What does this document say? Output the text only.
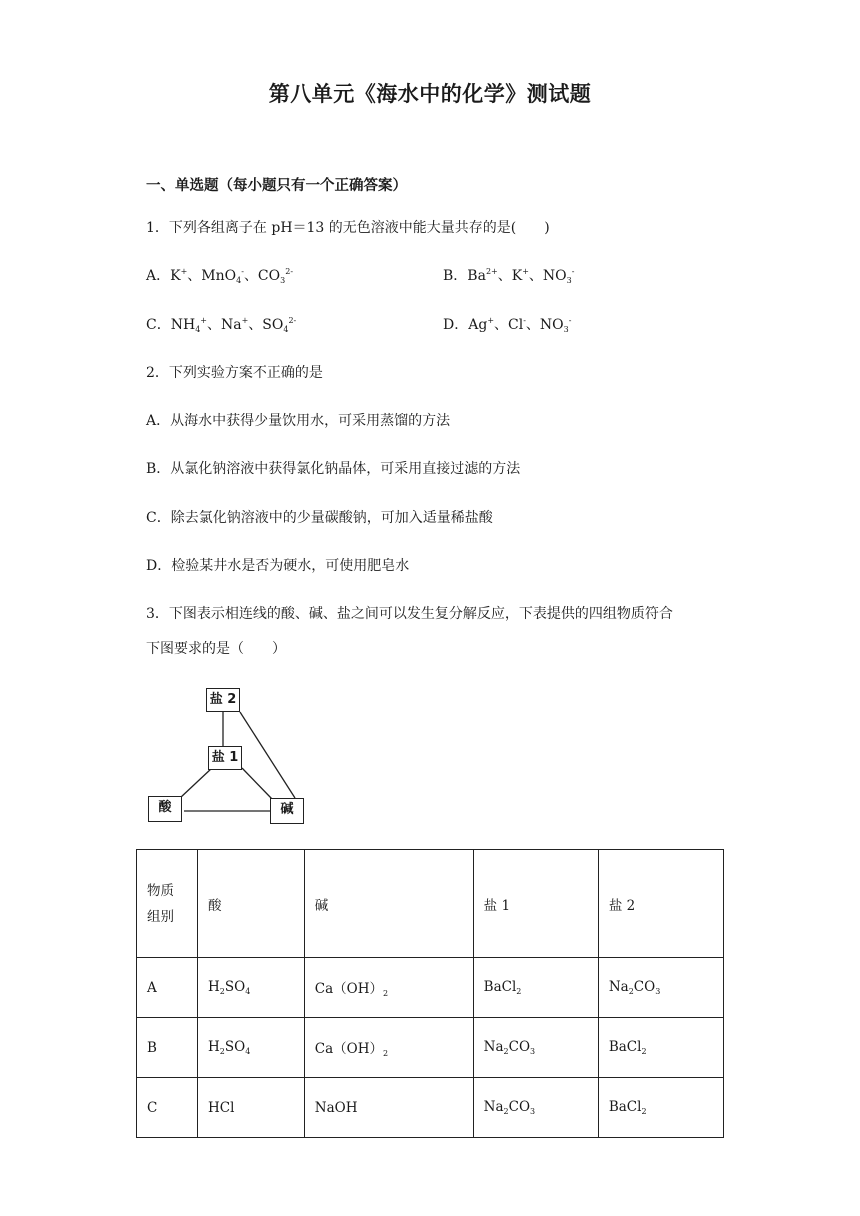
第八单元《海水中的化学》测试题
一、单选题（每小题只有一个正确答案）
1．下列各组离子在 pH＝13 的无色溶液中能大量共存的是(　　)
A．K+、MnO$_4$-、$CO_3^{2-}$	B．$Ba^{2+}$、K+、$NO_3^-$
C．$NH_4^+$、Na+、$SO_4^{2-}$	D．Ag+、Cl-、$NO_3^-$
2．下列实验方案不正确的是
A．从海水中获得少量饮用水，可采用蒸馏的方法
B．从氯化钠溶液中获得氯化钠晶体，可采用直接过滤的方法
C．除去氯化钠溶液中的少量碳酸钠，可加入适量稀盐酸
D．检验某井水是否为硬水，可使用肥皂水
3．下图表示相连线的酸、碱、盐之间可以发生复分解反应，下表提供的四组物质符合
下图要求的是（　　）
盐 2
盐 1
酸	碱
物质
组别	酸	碱	盐 1	盐 2
A	$H_2SO_4$	$Ca(OH)_2$	BaCl$_2$	$Na_2CO_3$
B	$H_2SO_4$	$Ca(OH)_2$	$Na_2CO_3$	BaCl$_2$
C	HCl	NaOH	$Na_2CO_3$	BaCl$_2$
